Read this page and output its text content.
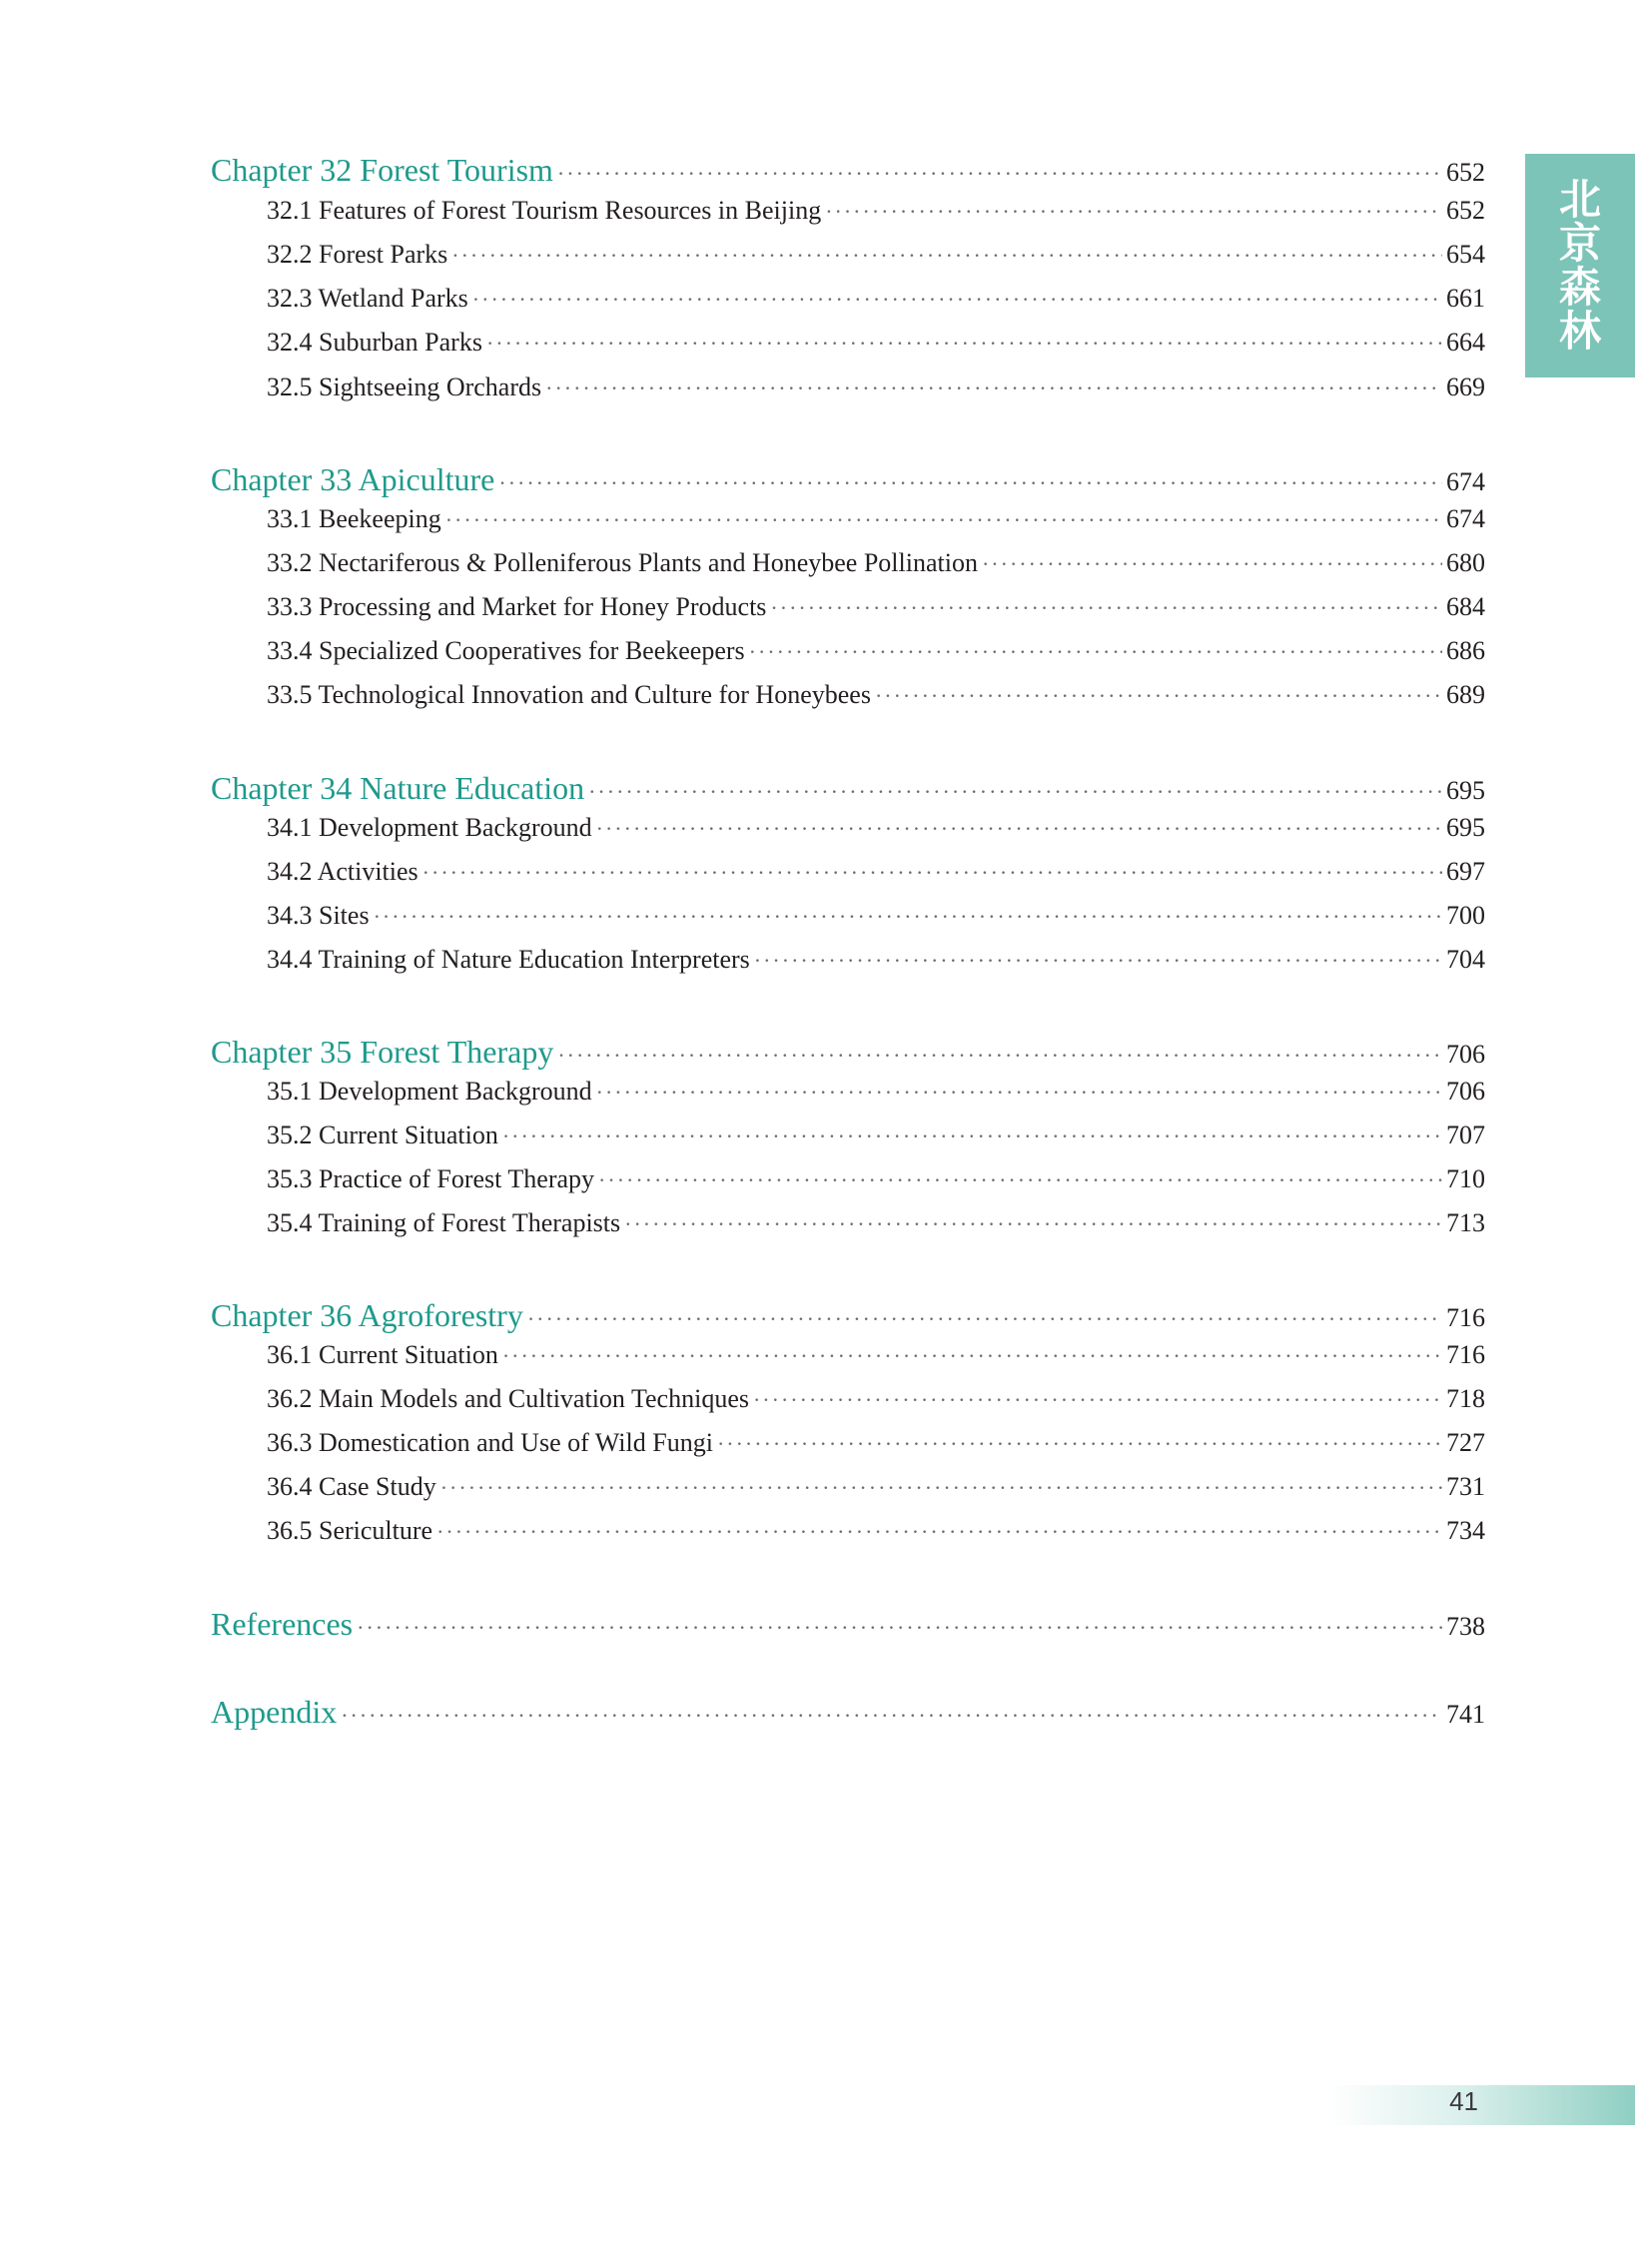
Chapter 32 Forest Tourism ·····	652
32.1 Features of Forest Tourism Resources in Beijing ·····	652
32.2 Forest Parks ·····	654
32.3 Wetland Parks ·····	661
32.4 Suburban Parks ·····	664
32.5 Sightseeing Orchards ·····	669
Chapter 33 Apiculture ·····	674
33.1 Beekeeping ·····	674
33.2 Nectariferous & Polleniferous Plants and Honeybee Pollination ·····	680
33.3 Processing and Market for Honey Products ·····	684
33.4 Specialized Cooperatives for Beekeepers ·····	686
33.5 Technological Innovation and Culture for Honeybees ·····	689
Chapter 34 Nature Education ·····	695
34.1 Development Background ·····	695
34.2 Activities ·····	697
34.3 Sites ·····	700
34.4 Training of Nature Education Interpreters ·····	704
Chapter 35 Forest Therapy ·····	706
35.1 Development Background ·····	706
35.2 Current Situation ·····	707
35.3 Practice of Forest Therapy ·····	710
35.4 Training of Forest Therapists ·····	713
Chapter 36 Agroforestry ·····	716
36.1 Current Situation ·····	716
36.2 Main Models and Cultivation Techniques ·····	718
36.3 Domestication and Use of Wild Fungi ·····	727
36.4 Case Study ·····	731
36.5 Sericulture ·····	734
References ·····	738
Appendix ·····	741
北
京
森
林
41
